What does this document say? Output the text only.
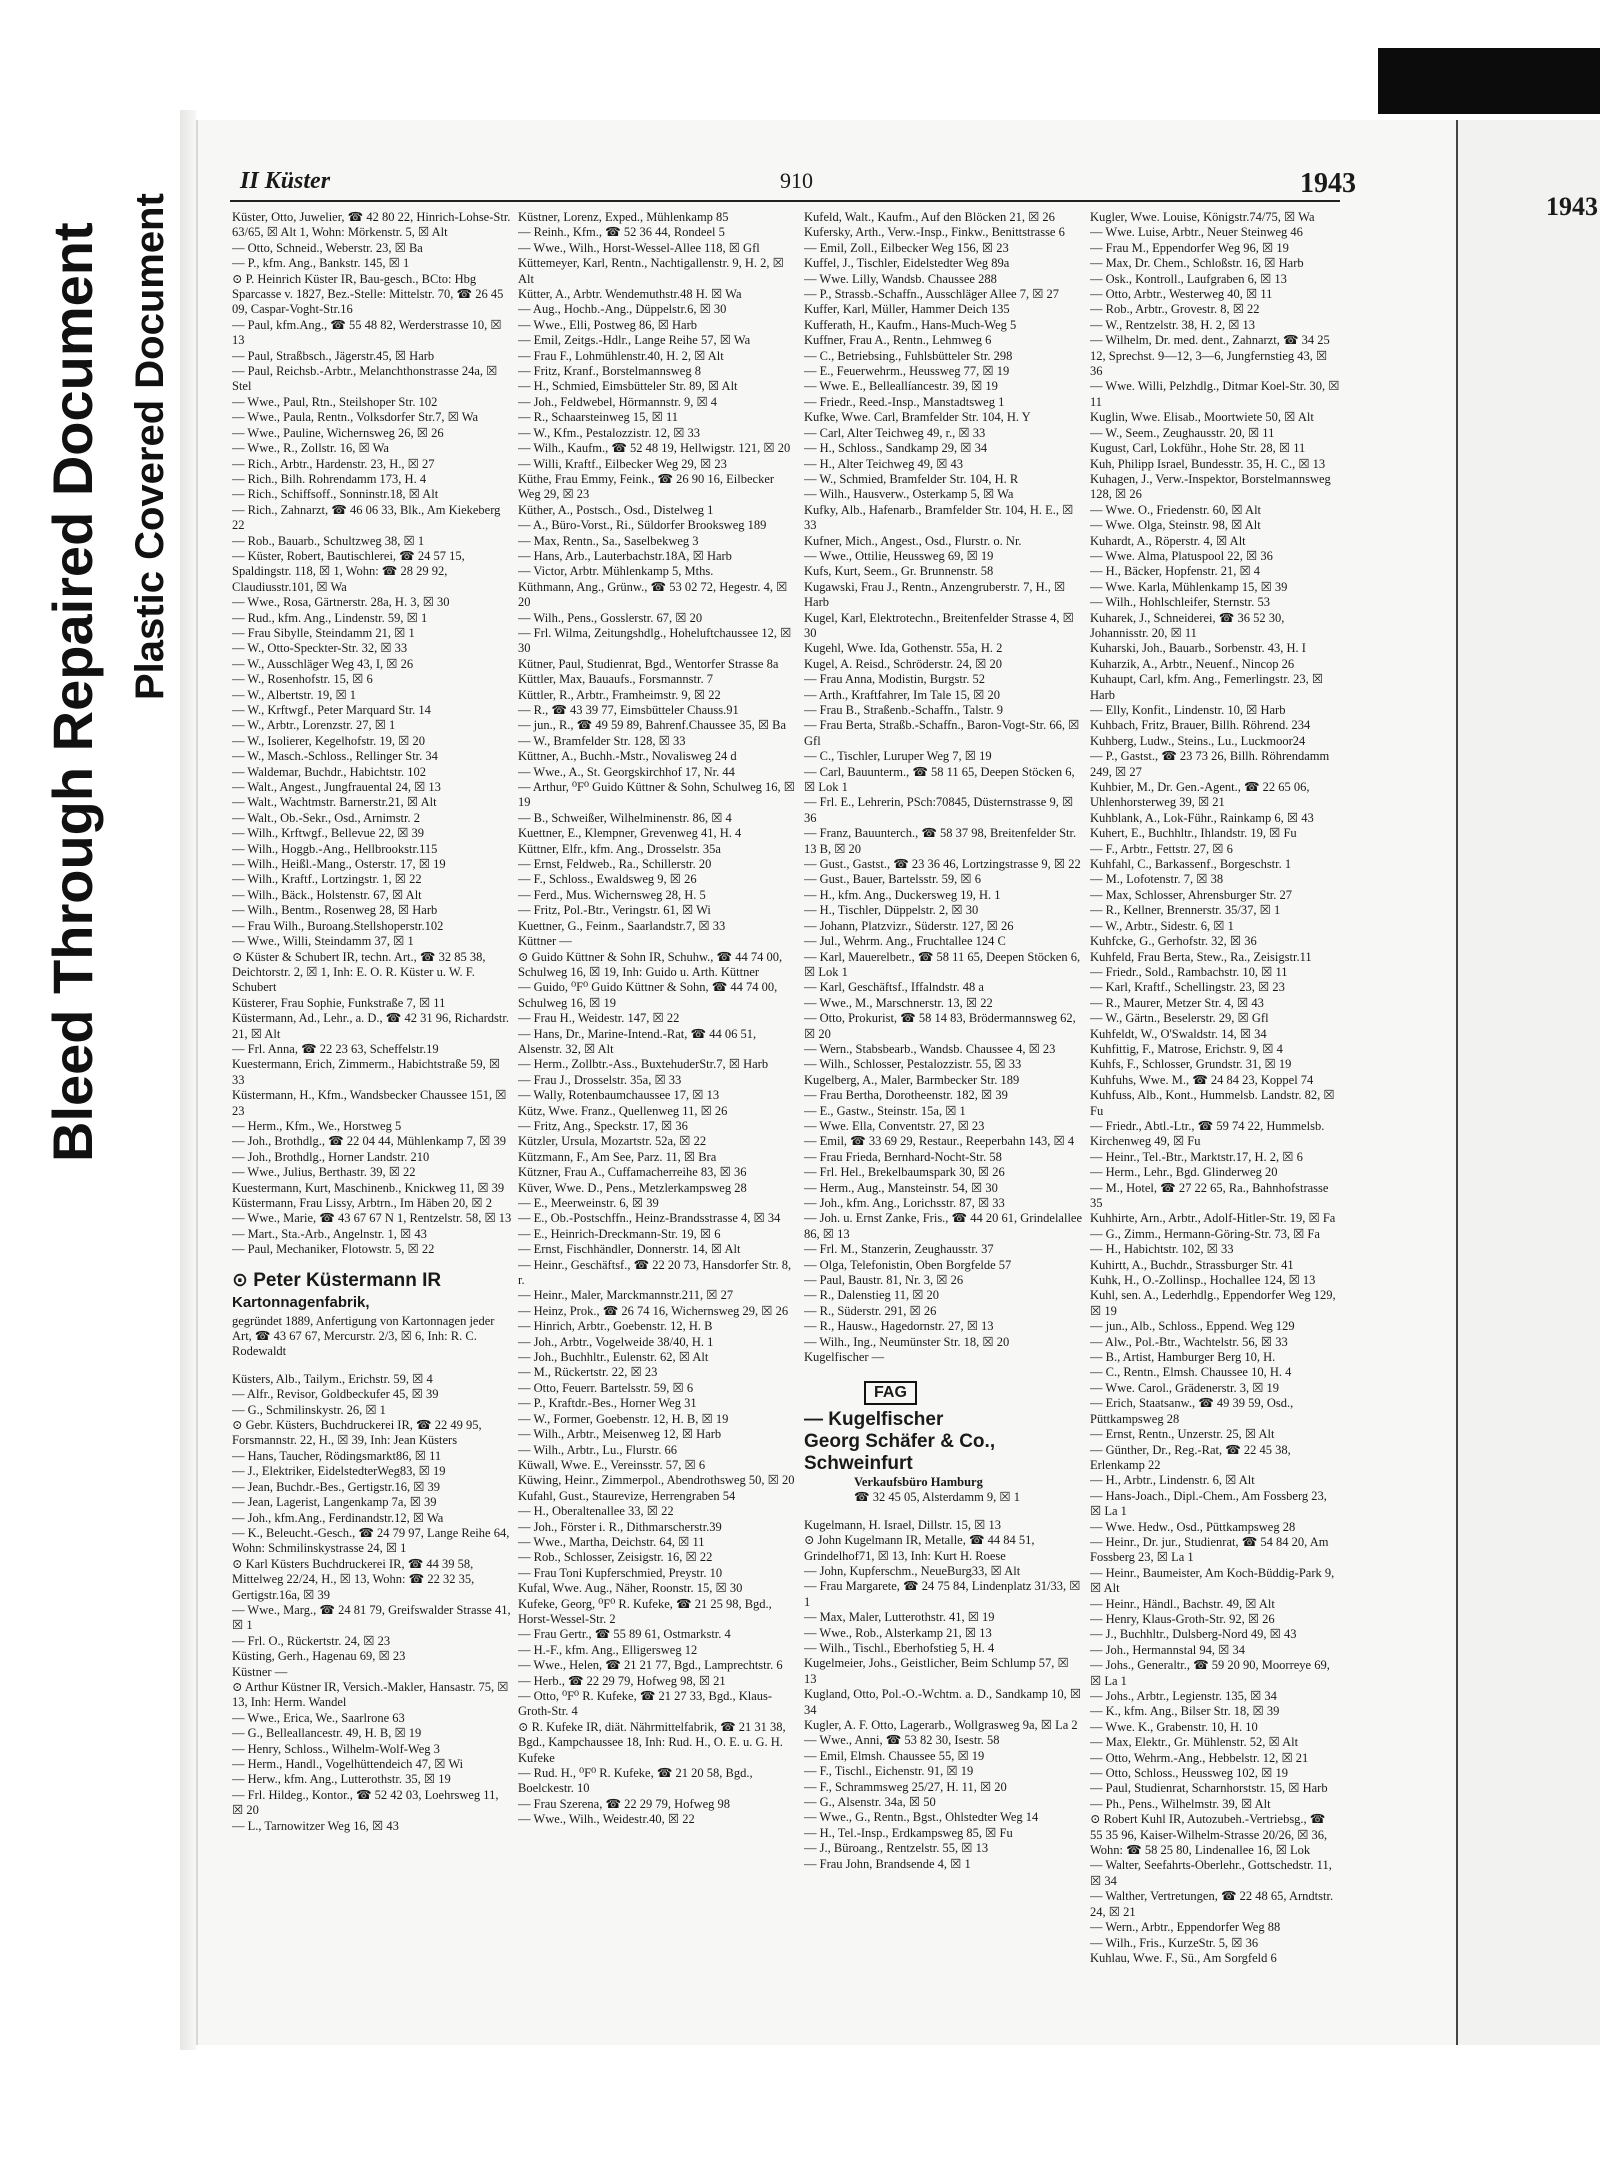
Bleed Through Repaired Document Plastic Covered Document	1943
II Küster	910	1943

Küster, Otto, Juwelier, ☎ 42 80 22, Hinrich-Lohse-Str. 63/65, ☒ Alt 1, Wohn: Mörkenstr. 5, ☒ Alt

— Otto, Schneid., Weberstr. 23, ☒ Ba

— P., kfm. Ang., Bankstr. 145, ☒ 1

⊙ P. Heinrich Küster IR, Bau-gesch., BCto: Hbg Sparcasse v. 1827, Bez.-Stelle: Mittelstr. 70, ☎ 26 45 09, Caspar-Voght-Str.16

— Paul, kfm.Ang., ☎ 55 48 82, Werderstrasse 10, ☒ 13

— Paul, Straßbsch., Jägerstr.45, ☒ Harb

— Paul, Reichsb.-Arbtr., Melanchthonstrasse 24a, ☒ Stel

— Wwe., Paul, Rtn., Steilshoper Str. 102

— Wwe., Paula, Rentn., Volksdorfer Str.7, ☒ Wa

— Wwe., Pauline, Wichernsweg 26, ☒ 26

— Wwe., R., Zollstr. 16, ☒ Wa

— Rich., Arbtr., Hardenstr. 23, H., ☒ 27

— Rich., Bilh. Rohrendamm 173, H. 4

— Rich., Schiffsoff., Sonninstr.18, ☒ Alt

— Rich., Zahnarzt, ☎ 46 06 33, Blk., Am Kiekeberg 22

— Rob., Bauarb., Schultzweg 38, ☒ 1

— Küster, Robert, Bautischlerei, ☎ 24 57 15, Spaldingstr. 118, ☒ 1, Wohn: ☎ 28 29 92, Claudiusstr.101, ☒ Wa

— Wwe., Rosa, Gärtnerstr. 28a, H. 3, ☒ 30

— Rud., kfm. Ang., Lindenstr. 59, ☒ 1

— Frau Sibylle, Steindamm 21, ☒ 1

— W., Otto-Speckter-Str. 32, ☒ 33

— W., Ausschläger Weg 43, I, ☒ 26

— W., Rosenhofstr. 15, ☒ 6

— W., Albertstr. 19, ☒ 1

— W., Krftwgf., Peter Marquard Str. 14

— W., Arbtr., Lorenzstr. 27, ☒ 1

— W., Isolierer, Kegelhofstr. 19, ☒ 20

— W., Masch.-Schloss., Rellinger Str. 34

— Waldemar, Buchdr., Habichtstr. 102

— Walt., Angest., Jungfrauental 24, ☒ 13

— Walt., Wachtmstr. Barnerstr.21, ☒ Alt

— Walt., Ob.-Sekr., Osd., Arnimstr. 2

— Wilh., Krftwgf., Bellevue 22, ☒ 39

— Wilh., Hoggb.-Ang., Hellbrookstr.115

— Wilh., Heißl.-Mang., Osterstr. 17, ☒ 19

— Wilh., Kraftf., Lortzingstr. 1, ☒ 22

— Wilh., Bäck., Holstenstr. 67, ☒ Alt

— Wilh., Bentm., Rosenweg 28, ☒ Harb

— Frau Wilh., Buroang.Stellshoperstr.102

— Wwe., Willi, Steindamm 37, ☒ 1

⊙ Küster & Schubert IR, techn. Art., ☎ 32 85 38, Deichtorstr. 2, ☒ 1, Inh: E. O. R. Küster u. W. F. Schubert

Küsterer, Frau Sophie, Funkstraße 7, ☒ 11

Küstermann, Ad., Lehr., a. D., ☎ 42 31 96, Richardstr. 21, ☒ Alt

— Frl. Anna, ☎ 22 23 63, Scheffelstr.19

Kuestermann, Erich, Zimmerm., Habichtstraße 59, ☒ 33

Küstermann, H., Kfm., Wandsbecker Chaussee 151, ☒ 23

— Herm., Kfm., We., Horstweg 5

— Joh., Brothdlg., ☎ 22 04 44, Mühlenkamp 7, ☒ 39

— Joh., Brothdlg., Horner Landstr. 210

— Wwe., Julius, Berthastr. 39, ☒ 22

Kuestermann, Kurt, Maschinenb., Knickweg 11, ☒ 39

Küstermann, Frau Lissy, Arbtrn., Im Häben 20, ☒ 2

— Wwe., Marie, ☎ 43 67 67 N 1, Rentzelstr. 58, ☒ 13

— Mart., Sta.-Arb., Angelnstr. 1, ☒ 43

— Paul, Mechaniker, Flotowstr. 5, ☒ 22

⊙ Peter Küstermann IR
Kartonnagenfabrik,
gegründet 1889, Anfertigung von Kartonnagen jeder Art, ☎ 43 67 67, Mercurstr. 2/3, ☒ 6, Inh: R. C. Rodewaldt

Küsters, Alb., Tailym., Erichstr. 59, ☒ 4

— Alfr., Revisor, Goldbeckufer 45, ☒ 39

— G., Schmilinskystr. 26, ☒ 1

⊙ Gebr. Küsters, Buchdruckerei IR, ☎ 22 49 95, Forsmannstr. 22, H., ☒ 39, Inh: Jean Küsters

— Hans, Taucher, Rödingsmarkt86, ☒ 11

— J., Elektriker, EidelstedterWeg83, ☒ 19

— Jean, Buchdr.-Bes., Gertigstr.16, ☒ 39

— Jean, Lagerist, Langenkamp 7a, ☒ 39

— Joh., kfm.Ang., Ferdinandstr.12, ☒ Wa

— K., Beleucht.-Gesch., ☎ 24 79 97, Lange Reihe 64, Wohn: Schmilinskystrasse 24, ☒ 1

⊙ Karl Küsters Buchdruckerei IR, ☎ 44 39 58, Mittelweg 22/24, H., ☒ 13, Wohn: ☎ 22 32 35, Gertigstr.16a, ☒ 39

— Wwe., Marg., ☎ 24 81 79, Greifswalder Strasse 41, ☒ 1

— Frl. O., Rückertstr. 24, ☒ 23

Küsting, Gerh., Hagenau 69, ☒ 23

Küstner —

⊙ Arthur Küstner IR, Versich.-Makler, Hansastr. 75, ☒ 13, Inh: Herm. Wandel

— Wwe., Erica, We., Saarlrone 63

— G., Belleallancestr. 49, H. B, ☒ 19

— Henry, Schloss., Wilhelm-Wolf-Weg 3

— Herm., Handl., Vogelhüttendeich 47, ☒ Wi

— Herw., kfm. Ang., Lutterothstr. 35, ☒ 19

— Frl. Hildeg., Kontor., ☎ 52 42 03, Loehrsweg 11, ☒ 20

— L., Tarnowitzer Weg 16, ☒ 43

Küstner, Lorenz, Exped., Mühlenkamp 85

— Reinh., Kfm., ☎ 52 36 44, Rondeel 5

— Wwe., Wilh., Horst-Wessel-Allee 118, ☒ Gfl

Küttemeyer, Karl, Rentn., Nachtigallenstr. 9, H. 2, ☒ Alt

Kütter, A., Arbtr. Wendemuthstr.48 H. ☒ Wa

— Aug., Hochb.-Ang., Düppelstr.6, ☒ 30

— Wwe., Elli, Postweg 86, ☒ Harb

— Emil, Zeitgs.-Hdlr., Lange Reihe 57, ☒ Wa

— Frau F., Lohmühlenstr.40, H. 2, ☒ Alt

— Fritz, Kranf., Borstelmannsweg 8

— H., Schmied, Eimsbütteler Str. 89, ☒ Alt

— Joh., Feldwebel, Hörmannstr. 9, ☒ 4

— R., Schaarsteinweg 15, ☒ 11

— W., Kfm., Pestalozzistr. 12, ☒ 33

— Wilh., Kaufm., ☎ 52 48 19, Hellwigstr. 121, ☒ 20

— Willi, Kraftf., Eilbecker Weg 29, ☒ 23

Küthe, Frau Emmy, Feink., ☎ 26 90 16, Eilbecker Weg 29, ☒ 23

Küther, A., Postsch., Osd., Distelweg 1

— A., Büro-Vorst., Ri., Süldorfer Brooksweg 189

— Max, Rentn., Sa., Saselbekweg 3

— Hans, Arb., Lauterbachstr.18A, ☒ Harb

— Victor, Arbtr. Mühlenkamp 5, Mths.

Küthmann, Ang., Grünw., ☎ 53 02 72, Hegestr. 4, ☒ 20

— Wilh., Pens., Gosslerstr. 67, ☒ 20

— Frl. Wilma, Zeitungshdlg., Hoheluftchaussee 12, ☒ 30

Kütner, Paul, Studienrat, Bgd., Wentorfer Strasse 8a

Küttler, Max, Bauaufs., Forsmannstr. 7

Küttler, R., Arbtr., Framheimstr. 9, ☒ 22

— R., ☎ 43 39 77, Eimsbütteler Chauss.91

— jun., R., ☎ 49 59 89, Bahrenf.Chaussee 35, ☒ Ba

— W., Bramfelder Str. 128, ☒ 33

Küttner, A., Buchh.-Mstr., Novalisweg 24 d

— Wwe., A., St. Georgskirchhof 17, Nr. 44

— Arthur, ⁰F⁰ Guido Küttner & Sohn, Schulweg 16, ☒ 19

— B., Schweißer, Wilhelminenstr. 86, ☒ 4

Kuettner, E., Klempner, Grevenweg 41, H. 4

Küttner, Elfr., kfm. Ang., Drosselstr. 35a

— Ernst, Feldweb., Ra., Schillerstr. 20

— F., Schloss., Ewaldsweg 9, ☒ 26

— Ferd., Mus. Wichernsweg 28, H. 5

— Fritz, Pol.-Btr., Veringstr. 61, ☒ Wi

Kuettner, G., Feinm., Saarlandstr.7, ☒ 33

Küttner —

⊙ Guido Küttner & Sohn IR, Schuhw., ☎ 44 74 00, Schulweg 16, ☒ 19, Inh: Guido u. Arth. Küttner

— Guido, ⁰F⁰ Guido Küttner & Sohn, ☎ 44 74 00, Schulweg 16, ☒ 19

— Frau H., Weidestr. 147, ☒ 22

— Hans, Dr., Marine-Intend.-Rat, ☎ 44 06 51, Alsenstr. 32, ☒ Alt

— Herm., Zollbtr.-Ass., BuxtehuderStr.7, ☒ Harb

— Frau J., Drosselstr. 35a, ☒ 33

— Wally, Rotenbaumchaussee 17, ☒ 13

Kütz, Wwe. Franz., Quellenweg 11, ☒ 26

— Fritz, Ang., Speckstr. 17, ☒ 36

Kützler, Ursula, Mozartstr. 52a, ☒ 22

Kützmann, F., Am See, Parz. 11, ☒ Bra

Kützner, Frau A., Cuffamacherreihe 83, ☒ 36

Küver, Wwe. D., Pens., Metzlerkampsweg 28

— E., Meerweinstr. 6, ☒ 39

— E., Ob.-Postschffn., Heinz-Brandsstrasse 4, ☒ 34

— E., Heinrich-Dreckmann-Str. 19, ☒ 6

— Ernst, Fischhändler, Donnerstr. 14, ☒ Alt

— Heinr., Geschäftsf., ☎ 22 20 73, Hansdorfer Str. 8, r.

— Heinr., Maler, Marckmannstr.211, ☒ 27

— Heinz, Prok., ☎ 26 74 16, Wichernsweg 29, ☒ 26

— Hinrich, Arbtr., Goebenstr. 12, H. B

— Joh., Arbtr., Vogelweide 38/40, H. 1

— Joh., Buchhltr., Eulenstr. 62, ☒ Alt

— M., Rückertstr. 22, ☒ 23

— Otto, Feuerr. Bartelsstr. 59, ☒ 6

— P., Kraftdr.-Bes., Horner Weg 31

— W., Former, Goebenstr. 12, H. B, ☒ 19

— Wilh., Arbtr., Meisenweg 12, ☒ Harb

— Wilh., Arbtr., Lu., Flurstr. 66

Küwall, Wwe. E., Vereinsstr. 57, ☒ 6

Küwing, Heinr., Zimmerpol., Abendrothsweg 50, ☒ 20

Kufahl, Gust., Staurevize, Herrengraben 54

— H., Oberaltenallee 33, ☒ 22

— Joh., Förster i. R., Dithmarscherstr.39

— Wwe., Martha, Deichstr. 64, ☒ 11

— Rob., Schlosser, Zeisigstr. 16, ☒ 22

— Frau Toni Kupferschmied, Preystr. 10

Kufal, Wwe. Aug., Näher, Roonstr. 15, ☒ 30

Kufeke, Georg, ⁰F⁰ R. Kufeke, ☎ 21 25 98, Bgd., Horst-Wessel-Str. 2

— Frau Gertr., ☎ 55 89 61, Ostmarkstr. 4

— H.-F., kfm. Ang., Elligersweg 12

— Wwe., Helen, ☎ 21 21 77, Bgd., Lamprechtstr. 6

— Herb., ☎ 22 29 79, Hofweg 98, ☒ 21

— Otto, ⁰F⁰ R. Kufeke, ☎ 21 27 33, Bgd., Klaus-Groth-Str. 4

⊙ R. Kufeke IR, diät. Nährmittelfabrik, ☎ 21 31 38, Bgd., Kampchaussee 18, Inh: Rud. H., O. E. u. G. H. Kufeke

— Rud. H., ⁰F⁰ R. Kufeke, ☎ 21 20 58, Bgd., Boelckestr. 10

— Frau Szerena, ☎ 22 29 79, Hofweg 98

— Wwe., Wilh., Weidestr.40, ☒ 22

Kufeld, Walt., Kaufm., Auf den Blöcken 21, ☒ 26

Kufersky, Arth., Verw.-Insp., Finkw., Benittstrasse 6

— Emil, Zoll., Eilbecker Weg 156, ☒ 23

Kuffel, J., Tischler, Eidelstedter Weg 89a

— Wwe. Lilly, Wandsb. Chaussee 288

— P., Strassb.-Schaffn., Ausschläger Allee 7, ☒ 27

Kuffer, Karl, Müller, Hammer Deich 135

Kufferath, H., Kaufm., Hans-Much-Weg 5

Kuffner, Frau A., Rentn., Lehmweg 6

— C., Betriebsing., Fuhlsbütteler Str. 298

— E., Feuerwehrm., Heussweg 77, ☒ 19

— Wwe. E., Belleallíancestr. 39, ☒ 19

— Friedr., Reed.-Insp., Manstadtsweg 1

Kufke, Wwe. Carl, Bramfelder Str. 104, H. Y

— Carl, Alter Teichweg 49, r., ☒ 33

— H., Schloss., Sandkamp 29, ☒ 34

— H., Alter Teichweg 49, ☒ 43

— W., Schmied, Bramfelder Str. 104, H. R

— Wilh., Hausverw., Osterkamp 5, ☒ Wa

Kufky, Alb., Hafenarb., Bramfelder Str. 104, H. E., ☒ 33

Kufner, Mich., Angest., Osd., Flurstr. o. Nr.

— Wwe., Ottilie, Heussweg 69, ☒ 19

Kufs, Kurt, Seem., Gr. Brunnenstr. 58

Kugawski, Frau J., Rentn., Anzengruberstr. 7, H., ☒ Harb

Kugel, Karl, Elektrotechn., Breitenfelder Strasse 4, ☒ 30

Kugehl, Wwe. Ida, Gothenstr. 55a, H. 2

Kugel, A. Reisd., Schröderstr. 24, ☒ 20

— Frau Anna, Modistin, Burgstr. 52

— Arth., Kraftfahrer, Im Tale 15, ☒ 20

— Frau B., Straßenb.-Schaffn., Talstr. 9

— Frau Berta, Straßb.-Schaffn., Baron-Vogt-Str. 66, ☒ Gfl

— C., Tischler, Luruper Weg 7, ☒ 19

— Carl, Bauunterm., ☎ 58 11 65, Deepen Stöcken 6, ☒ Lok 1

— Frl. E., Lehrerin, PSch:70845, Düsternstrasse 9, ☒ 36

— Franz, Bauunterch., ☎ 58 37 98, Breitenfelder Str. 13 B, ☒ 20

— Gust., Gastst., ☎ 23 36 46, Lortzingstrasse 9, ☒ 22

— Gust., Bauer, Bartelsstr. 59, ☒ 6

— H., kfm. Ang., Duckersweg 19, H. 1

— H., Tischler, Düppelstr. 2, ☒ 30

— Johann, Platzvizr., Süderstr. 127, ☒ 26

— Jul., Wehrm. Ang., Fruchtallee 124 C

— Karl, Mauerelbetr., ☎ 58 11 65, Deepen Stöcken 6, ☒ Lok 1

— Karl, Geschäftsf., Iffalndstr. 48 a

— Wwe., M., Marschnerstr. 13, ☒ 22

— Otto, Prokurist, ☎ 58 14 83, Brödermannsweg 62, ☒ 20

— Wern., Stabsbearb., Wandsb. Chaussee 4, ☒ 23

— Wilh., Schlosser, Pestalozzistr. 55, ☒ 33

Kugelberg, A., Maler, Barmbecker Str. 189

— Frau Bertha, Dorotheenstr. 182, ☒ 39

— E., Gastw., Steinstr. 15a, ☒ 1

— Wwe. Ella, Conventstr. 27, ☒ 23

— Emil, ☎ 33 69 29, Restaur., Reeperbahn 143, ☒ 4

— Frau Frieda, Bernhard-Nocht-Str. 58

— Frl. Hel., Brekelbaumspark 30, ☒ 26

— Herm., Aug., Mansteinstr. 54, ☒ 30

— Joh., kfm. Ang., Lorichsstr. 87, ☒ 33

— Joh. u. Ernst Zanke, Fris., ☎ 44 20 61, Grindelallee 86, ☒ 13

— Frl. M., Stanzerin, Zeughausstr. 37

— Olga, Telefonistin, Oben Borgfelde 57

— Paul, Baustr. 81, Nr. 3, ☒ 26

— R., Dalenstieg 11, ☒ 20

— R., Süderstr. 291, ☒ 26

— R., Hausw., Hagedornstr. 27, ☒ 13

— Wilh., Ing., Neumünster Str. 18, ☒ 20

Kugelfischer —

FAG
— Kugelfischer
Georg Schäfer & Co.,
Schweinfurt
Verkaufsbüro Hamburg
☎ 32 45 05, Alsterdamm 9, ☒ 1

Kugelmann, H. Israel, Dillstr. 15, ☒ 13

⊙ John Kugelmann IR, Metalle, ☎ 44 84 51, Grindelhof71, ☒ 13, Inh: Kurt H. Roese

— John, Kupferschm., NeueBurg33, ☒ Alt

— Frau Margarete, ☎ 24 75 84, Lindenplatz 31/33, ☒ 1

— Max, Maler, Lutterothstr. 41, ☒ 19

— Wwe., Rob., Alsterkamp 21, ☒ 13

— Wilh., Tischl., Eberhofstieg 5, H. 4

Kugelmeier, Johs., Geistlicher, Beim Schlump 57, ☒ 13

Kugland, Otto, Pol.-O.-Wchtm. a. D., Sandkamp 10, ☒ 34

Kugler, A. F. Otto, Lagerarb., Wollgrasweg 9a, ☒ La 2

— Wwe., Anni, ☎ 53 82 30, Isestr. 58

— Emil, Elmsh. Chaussee 55, ☒ 19

— F., Tischl., Eichenstr. 91, ☒ 19

— F., Schrammsweg 25/27, H. 11, ☒ 20

— G., Alsenstr. 34a, ☒ 50

— Wwe., G., Rentn., Bgst., Ohlstedter Weg 14

— H., Tel.-Insp., Erdkampsweg 85, ☒ Fu

— J., Büroang., Rentzelstr. 55, ☒ 13

— Frau John, Brandsende 4, ☒ 1

Kugler, Wwe. Louise, Königstr.74/75, ☒ Wa

— Wwe. Luise, Arbtr., Neuer Steinweg 46

— Frau M., Eppendorfer Weg 96, ☒ 19

— Max, Dr. Chem., Schloßstr. 16, ☒ Harb

— Osk., Kontroll., Laufgraben 6, ☒ 13

— Otto, Arbtr., Westerweg 40, ☒ 11

— Rob., Arbtr., Grovestr. 8, ☒ 22

— W., Rentzelstr. 38, H. 2, ☒ 13

— Wilhelm, Dr. med. dent., Zahnarzt, ☎ 34 25 12, Sprechst. 9—12, 3—6, Jungfernstieg 43, ☒ 36

— Wwe. Willi, Pelzhdlg., Ditmar Koel-Str. 30, ☒ 11

Kuglin, Wwe. Elisab., Moortwiete 50, ☒ Alt

— W., Seem., Zeughausstr. 20, ☒ 11

Kugust, Carl, Lokführ., Hohe Str. 28, ☒ 11

Kuh, Philipp Israel, Bundesstr. 35, H. C., ☒ 13

Kuhagen, J., Verw.-Inspektor, Borstelmannsweg 128, ☒ 26

— Wwe. O., Friedenstr. 60, ☒ Alt

— Wwe. Olga, Steinstr. 98, ☒ Alt

Kuhardt, A., Röperstr. 4, ☒ Alt

— Wwe. Alma, Platuspool 22, ☒ 36

— H., Bäcker, Hopfenstr. 21, ☒ 4

— Wwe. Karla, Mühlenkamp 15, ☒ 39

— Wilh., Hohlschleifer, Sternstr. 53

Kuharek, J., Schneiderei, ☎ 36 52 30, Johannisstr. 20, ☒ 11

Kuharski, Joh., Bauarb., Sorbenstr. 43, H. I

Kuharzik, A., Arbtr., Neuenf., Nincop 26

Kuhaupt, Carl, kfm. Ang., Femerlingstr. 23, ☒ Harb

— Elly, Konfit., Lindenstr. 10, ☒ Harb

Kuhbach, Fritz, Brauer, Billh. Röhrend. 234

Kuhberg, Ludw., Steins., Lu., Luckmoor24

— P., Gastst., ☎ 23 73 26, Billh. Röhrendamm 249, ☒ 27

Kuhbier, M., Dr. Gen.-Agent., ☎ 22 65 06, Uhlenhorsterweg 39, ☒ 21

Kuhblank, A., Lok-Führ., Rainkamp 6, ☒ 43

Kuhert, E., Buchhltr., Ihlandstr. 19, ☒ Fu

— F., Arbtr., Fettstr. 27, ☒ 6

Kuhfahl, C., Barkassenf., Borgeschstr. 1

— M., Lofotenstr. 7, ☒ 38

— Max, Schlosser, Ahrensburger Str. 27

— R., Kellner, Brennerstr. 35/37, ☒ 1

— W., Arbtr., Sidestr. 6, ☒ 1

Kuhfcke, G., Gerhofstr. 32, ☒ 36

Kuhfeld, Frau Berta, Stew., Ra., Zeisigstr.11

— Friedr., Sold., Rambachstr. 10, ☒ 11

— Karl, Kraftf., Schellingstr. 23, ☒ 23

— R., Maurer, Metzer Str. 4, ☒ 43

— W., Gärtn., Beselerstr. 29, ☒ Gfl

Kuhfeldt, W., O'Swaldstr. 14, ☒ 34

Kuhfittig, F., Matrose, Erichstr. 9, ☒ 4

Kuhfs, F., Schlosser, Grundstr. 31, ☒ 19

Kuhfuhs, Wwe. M., ☎ 24 84 23, Koppel 74

Kuhfuss, Alb., Kont., Hummelsb. Landstr. 82, ☒ Fu

— Friedr., Abtl.-Ltr., ☎ 59 74 22, Hummelsb. Kirchenweg 49, ☒ Fu

— Heinr., Tel.-Btr., Marktstr.17, H. 2, ☒ 6

— Herm., Lehr., Bgd. Glinderweg 20

— M., Hotel, ☎ 27 22 65, Ra., Bahnhofstrasse 35

Kuhhirte, Arn., Arbtr., Adolf-Hitler-Str. 19, ☒ Fa

— G., Zimm., Hermann-Göring-Str. 73, ☒ Fa

— H., Habichtstr. 102, ☒ 33

Kuhirtt, A., Buchdr., Strassburger Str. 41

Kuhk, H., O.-Zollinsp., Hochallee 124, ☒ 13

Kuhl, sen. A., Lederhdlg., Eppendorfer Weg 129, ☒ 19

— jun., Alb., Schloss., Eppend. Weg 129

— Alw., Pol.-Btr., Wachtelstr. 56, ☒ 33

— B., Artist, Hamburger Berg 10, H.

— C., Rentn., Elmsh. Chaussee 10, H. 4

— Wwe. Carol., Grädenerstr. 3, ☒ 19

— Erich, Staatsanw., ☎ 49 39 59, Osd., Püttkampsweg 28

— Ernst, Rentn., Unzerstr. 25, ☒ Alt

— Günther, Dr., Reg.-Rat, ☎ 22 45 38, Erlenkamp 22

— H., Arbtr., Lindenstr. 6, ☒ Alt

— Hans-Joach., Dipl.-Chem., Am Fossberg 23, ☒ La 1

— Wwe. Hedw., Osd., Püttkampsweg 28

— Heinr., Dr. jur., Studienrat, ☎ 54 84 20, Am Fossberg 23, ☒ La 1

— Heinr., Baumeister, Am Koch-Büddig-Park 9, ☒ Alt

— Heinr., Händl., Bachstr. 49, ☒ Alt

— Henry, Klaus-Groth-Str. 92, ☒ 26

— J., Buchhltr., Dulsberg-Nord 49, ☒ 43

— Joh., Hermannstal 94, ☒ 34

— Johs., Generaltr., ☎ 59 20 90, Moorreye 69, ☒ La 1

— Johs., Arbtr., Legienstr. 135, ☒ 34

— K., kfm. Ang., Bilser Str. 18, ☒ 39

— Wwe. K., Grabenstr. 10, H. 10

— Max, Elektr., Gr. Mühlenstr. 52, ☒ Alt

— Otto, Wehrm.-Ang., Hebbelstr. 12, ☒ 21

— Otto, Schloss., Heussweg 102, ☒ 19

— Paul, Studienrat, Scharnhorststr. 15, ☒ Harb

— Ph., Pens., Wilhelmstr. 39, ☒ Alt

⊙ Robert Kuhl IR, Autozubeh.-Vertriebsg., ☎ 55 35 96, Kaiser-Wilhelm-Strasse 20/26, ☒ 36, Wohn: ☎ 58 25 80, Lindenallee 16, ☒ Lok

— Walter, Seefahrts-Oberlehr., Gottschedstr. 11, ☒ 34

— Walther, Vertretungen, ☎ 22 48 65, Arndtstr. 24, ☒ 21

— Wern., Arbtr., Eppendorfer Weg 88

— Wilh., Fris., KurzeStr. 5, ☒ 36

Kuhlau, Wwe. F., Sü., Am Sorgfeld 6
